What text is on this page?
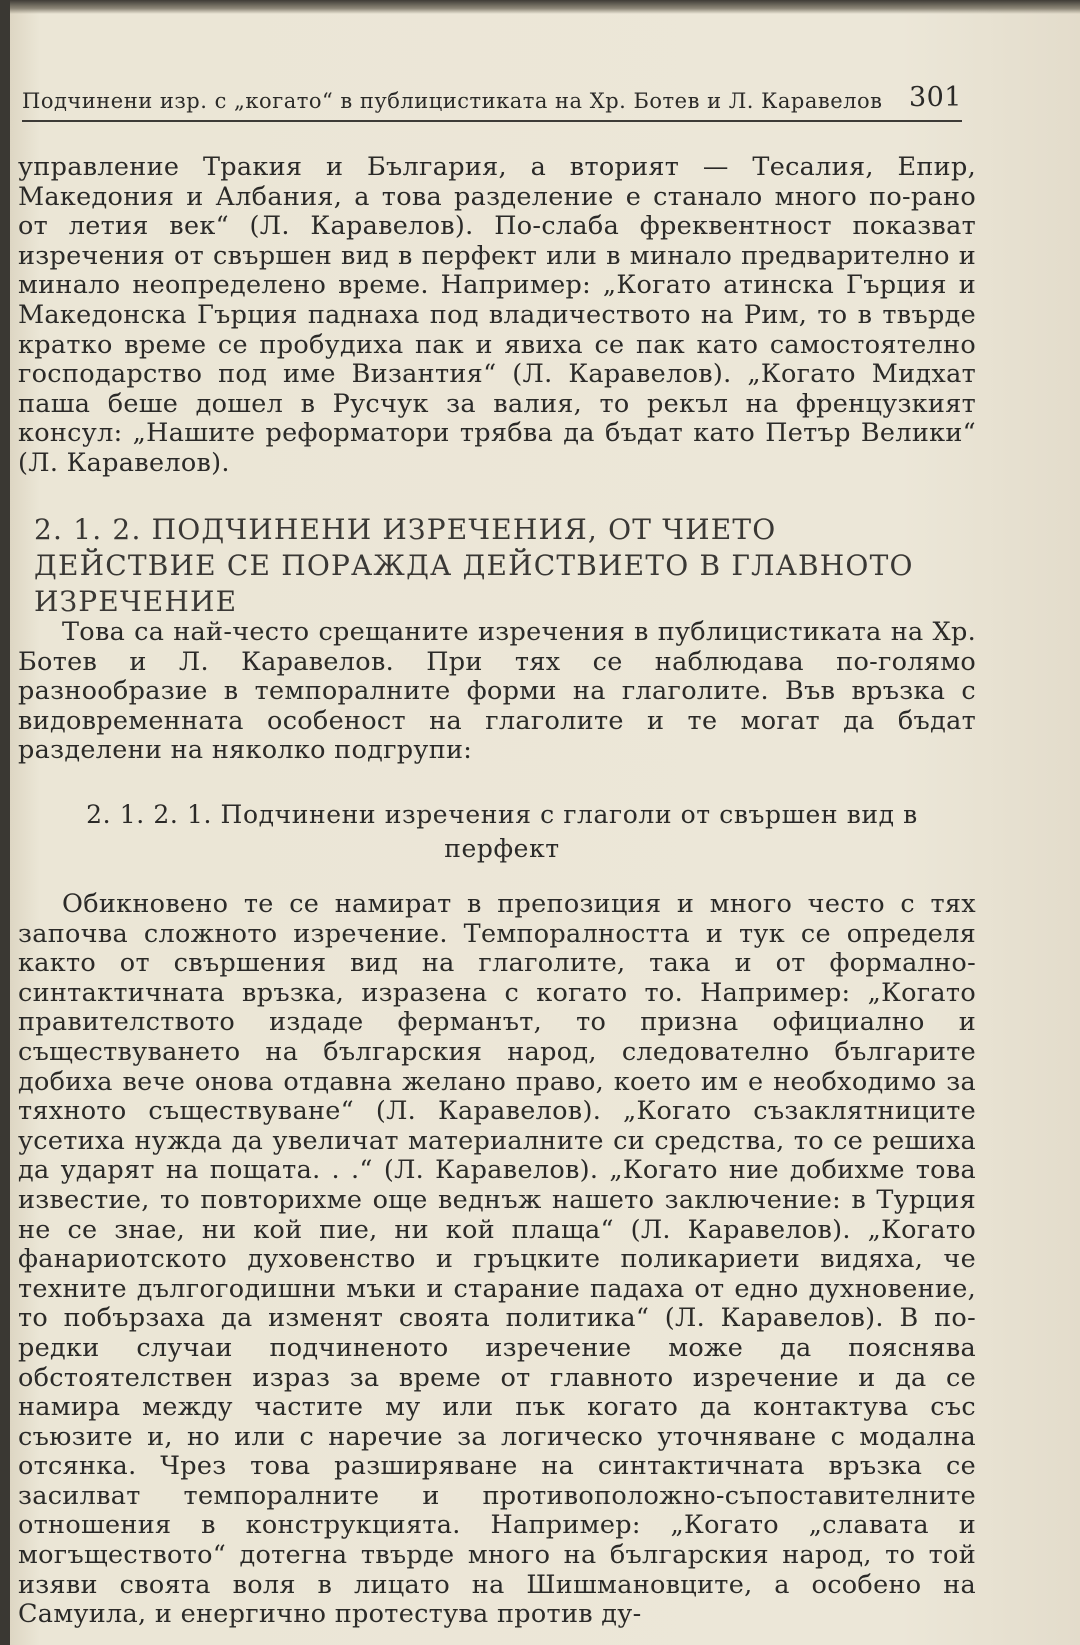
Подчинени изр. с „когато“ в публицистиката на Хр. Ботев и Л. Каравелов 301

управление Тракия и България, а вторият — Тесалия, Епир, Македония и Албания, а това разделение е станало много по-рано от летия век“ (Л. Каравелов). По-слаба фреквентност показват изречения от свършен вид в перфект или в минало предварително и минало неопределено време. Например: „Когато атинска Гърция и Македонска Гърция паднаха под владичеството на Рим, то в твърде кратко време се пробудиха пак и явиха се пак като самостоятелно господарство под име Византия“ (Л. Каравелов). „Когато Мидхат паша беше дошел в Русчук за валия, то рекъл на френцузкият консул: „Нашите реформатори трябва да бъдат като Петър Велики“ (Л. Каравелов).

2. 1. 2. ПОДЧИНЕНИ ИЗРЕЧЕНИЯ, ОТ ЧИЕТО ДЕЙСТВИЕ СЕ ПОРАЖДА ДЕЙСТВИЕТО В ГЛАВНОТО ИЗРЕЧЕНИЕ

Това са най-често срещаните изречения в публицистиката на Хр. Ботев и Л. Каравелов. При тях се наблюдава по-голямо разнообразие в темпоралните форми на глаголите. Във връзка с видовременната особеност на глаголите и те могат да бъдат разделени на няколко подгрупи:

2. 1. 2. 1. Подчинени изречения с глаголи от свършен вид в
перфект

Обикновено те се намират в препозиция и много често с тях започва сложното изречение. Темпоралността и тук се определя както от свършения вид на глаголите, така и от формално-синтактичната връзка, изразена с когато то. Например: „Когато правителството издаде ферманът, то призна официално и съществуването на българския народ, следователно българите добиха вече онова отдавна желано право, което им е необходимо за тяхното съществуване“ (Л. Каравелов). „Когато съзаклятниците усетиха нужда да увеличат материалните си средства, то се решиха да ударят на пощата. . .“ (Л. Каравелов). „Когато ние добихме това известие, то повторихме още веднъж нашето заключение: в Турция не се знае, ни кой пие, ни кой плаща“ (Л. Каравелов). „Когато фанариотското духовенство и гръцките поликариети видяха, че техните дългогодишни мъки и старание падаха от едно духновение, то побързаха да изменят своята политика“ (Л. Каравелов). В по-редки случаи подчиненото изречение може да пояснява обстоятелствен израз за време от главното изречение и да се намира между частите му или пък когато да контактува със съюзите и, но или с наречие за логическо уточняване с модална отсянка. Чрез това разширяване на синтактичната връзка се засилват темпоралните и противоположно-съпоставителните отношения в конструкцията. Например: „Когато „славата и могъществото“ дотегна твърде много на българския народ, то той изяви своята воля в лицато на Шишмановците, а особено на Самуила, и енергично протестува против ду-
